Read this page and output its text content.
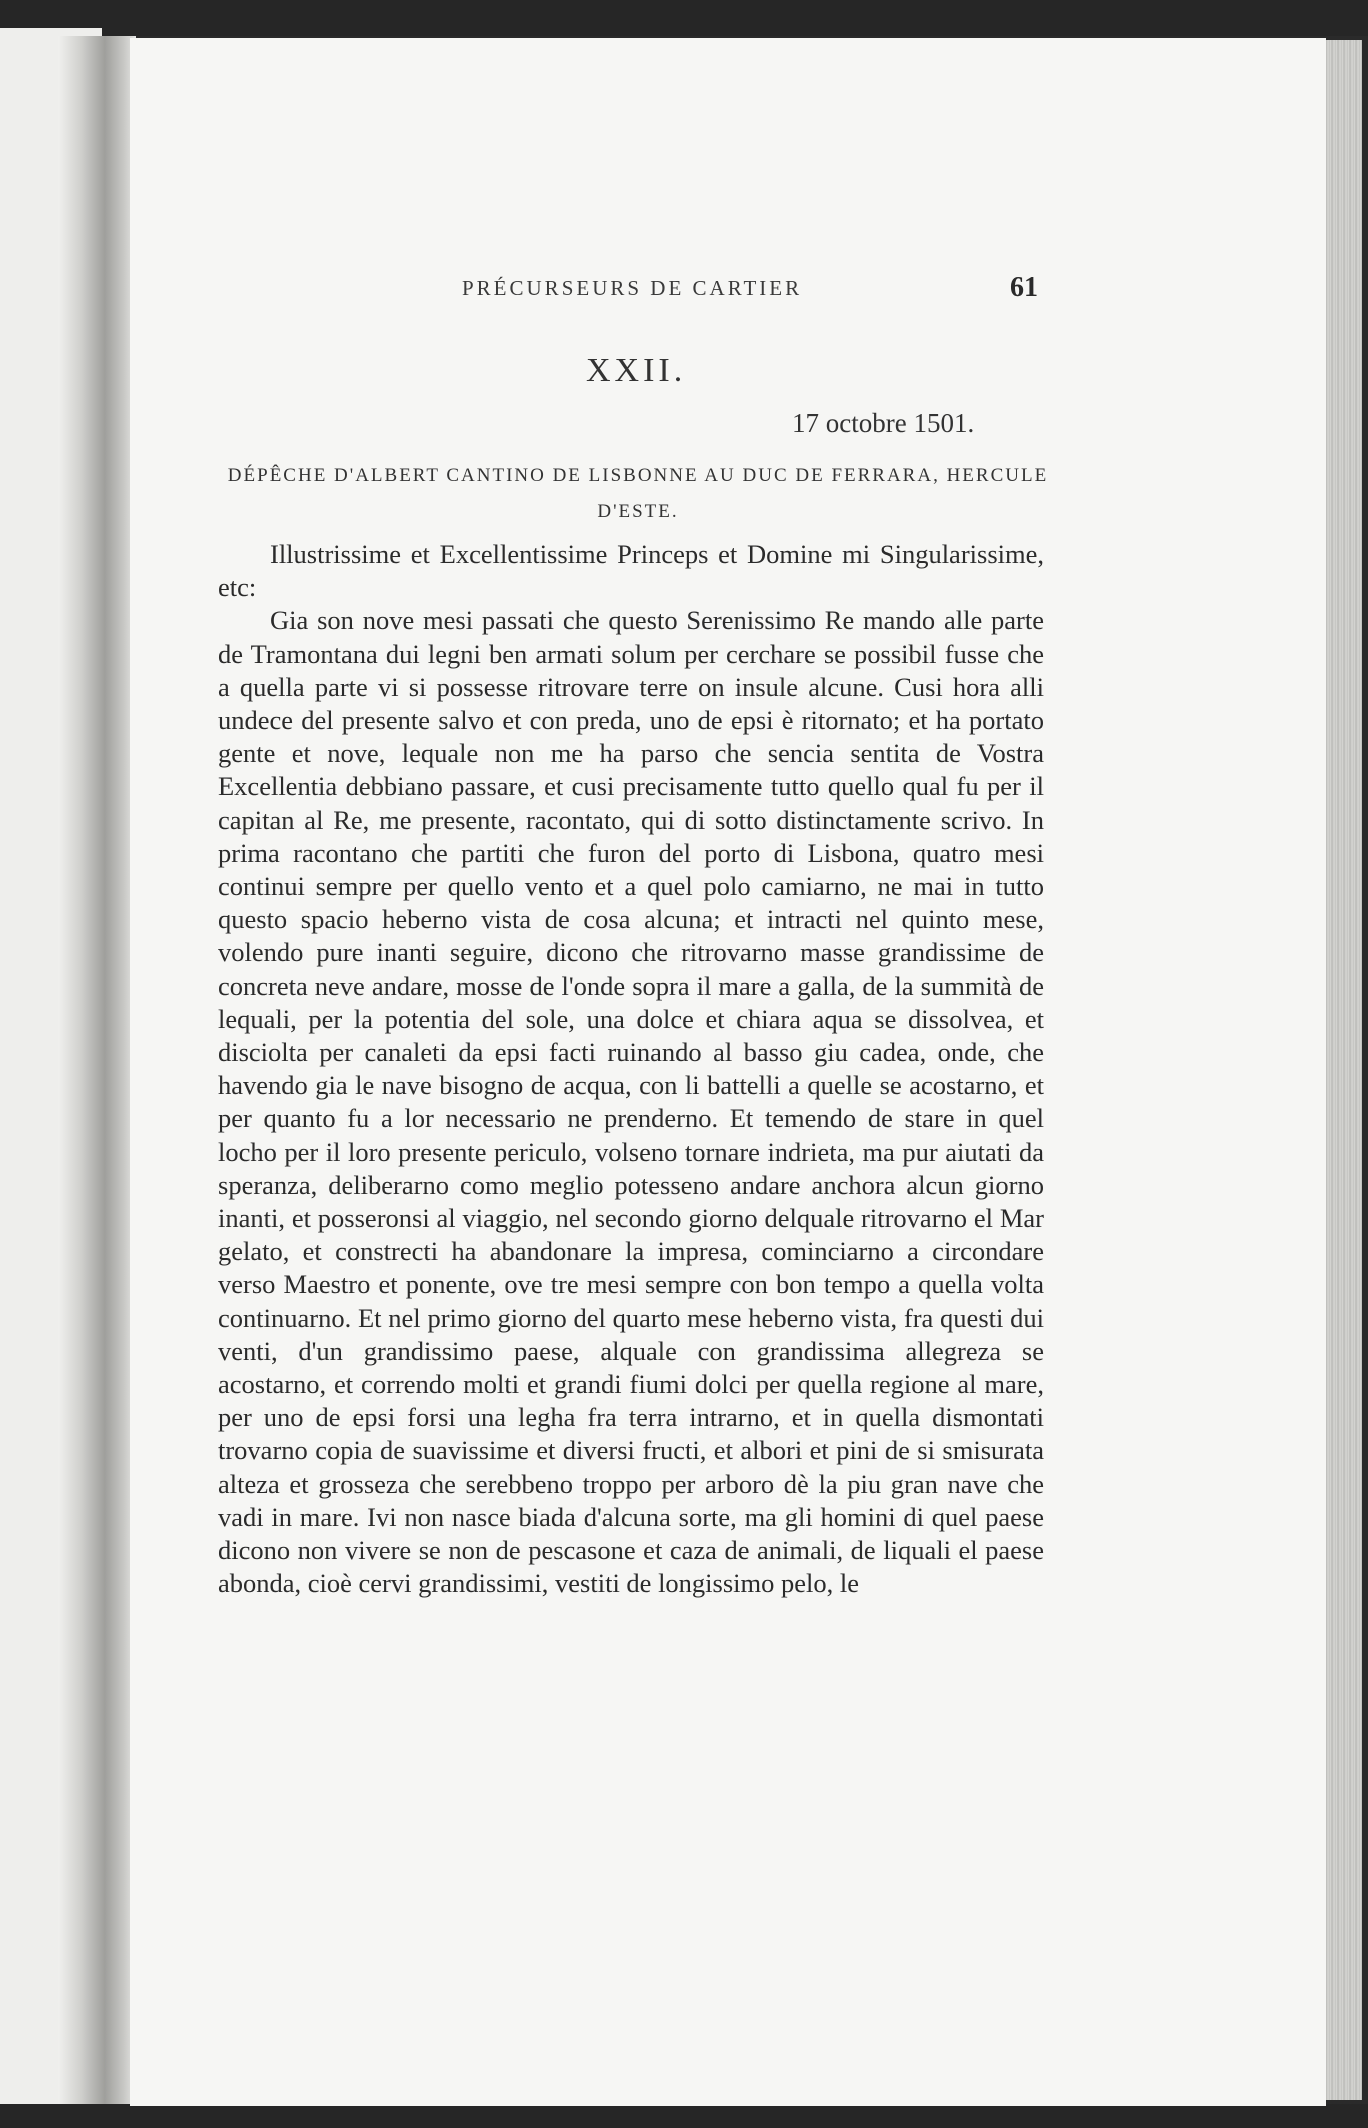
PRÉCURSEURS DE CARTIER	61
XXII.
17 octobre 1501.
DÉPÊCHE D'ALBERT CANTINO DE LISBONNE AU DUC DE FERRARA, HERCULE D'ESTE.

Illustrissime et Excellentissime Princeps et Domine mi Singularissime, etc:

Gia son nove mesi passati che questo Serenissimo Re mando alle parte de Tramontana dui legni ben armati solum per cerchare se possibil fusse che a quella parte vi si possesse ritrovare terre on insule alcune. Cusi hora alli undece del presente salvo et con preda, uno de epsi è ritornato; et ha portato gente et nove, lequale non me ha parso che sencia sentita de Vostra Excellentia debbiano passare, et cusi precisamente tutto quello qual fu per il capitan al Re, me presente, racontato, qui di sotto distinctamente scrivo. In prima racontano che partiti che furon del porto di Lisbona, quatro mesi continui sempre per quello vento et a quel polo camiarno, ne mai in tutto questo spacio heberno vista de cosa alcuna; et intracti nel quinto mese, volendo pure inanti seguire, dicono che ritrovarno masse grandissime de concreta neve andare, mosse de l'onde sopra il mare a galla, de la summità de lequali, per la potentia del sole, una dolce et chiara aqua se dissolvea, et disciolta per canaleti da epsi facti ruinando al basso giu cadea, onde, che havendo gia le nave bisogno de acqua, con li battelli a quelle se acostarno, et per quanto fu a lor necessario ne prenderno. Et temendo de stare in quel locho per il loro presente periculo, volseno tornare indrieta, ma pur aiutati da speranza, deliberarno como meglio potesseno andare anchora alcun giorno inanti, et posseronsi al viaggio, nel secondo giorno delquale ritrovarno el Mar gelato, et constrecti ha abandonare la impresa, cominciarno a circondare verso Maestro et ponente, ove tre mesi sempre con bon tempo a quella volta continuarno. Et nel primo giorno del quarto mese heberno vista, fra questi dui venti, d'un grandissimo paese, alquale con grandissima allegreza se acostarno, et correndo molti et grandi fiumi dolci per quella regione al mare, per uno de epsi forsi una legha fra terra intrarno, et in quella dismontati trovarno copia de suavissime et diversi fructi, et albori et pini de si smisurata alteza et grosseza che serebbeno troppo per arboro dè la piu gran nave che vadi in mare. Ivi non nasce biada d'alcuna sorte, ma gli homini di quel paese dicono non vivere se non de pescasone et caza de animali, de liquali el paese abonda, cioè cervi grandissimi, vestiti de longissimo pelo, le
